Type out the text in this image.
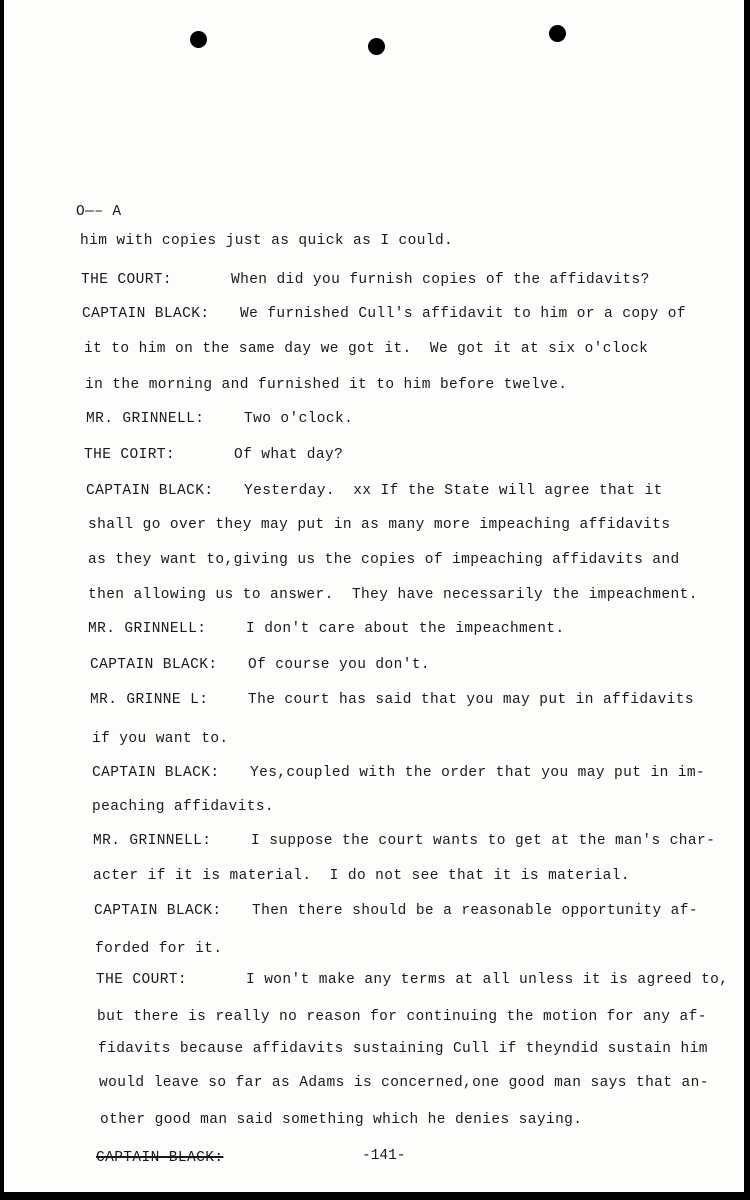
O—– A
him with copies just as quick as I could.
THE COURT:	When did you furnish copies of the affidavits?
CAPTAIN BLACK: We furnished Cull's affidavit to him or a copy of
it to him on the same day we got it.  We got it at six o'clock
in the morning and furnished it to him before twelve.
MR. GRINNELL:	Two o'clock.
THE COIRT:	Of what day?
CAPTAIN BLACK: Yesterday.  xx If the State will agree that it
shall go over they may put in as many more impeaching affidavits
as they want to,giving us the copies of impeaching affidavits and
then allowing us to answer.  They have necessarily the impeachment.
MR. GRINNELL:	I don't care about the impeachment.
CAPTAIN BLACK: Of course you don't.
MR. GRINNE L:	The court has said that you may put in affidavits
if you want to.
CAPTAIN BLACK: Yes,coupled with the order that you may put in im-
peaching affidavits.
MR. GRINNELL:	I suppose the court wants to get at the man's char-
acter if it is material.  I do not see that it is material.
CAPTAIN BLACK: Then there should be a reasonable opportunity af-
forded for it.
THE COURT:	I won't make any terms at all unless it is agreed to,
but there is really no reason for continuing the motion for any af-
fidavits because affidavits sustaining Cull if theyndid sustain him
would leave so far as Adams is concerned,one good man says that an-
other good man said something which he denies saying.
CAPTAIN BLACK:	-141-
